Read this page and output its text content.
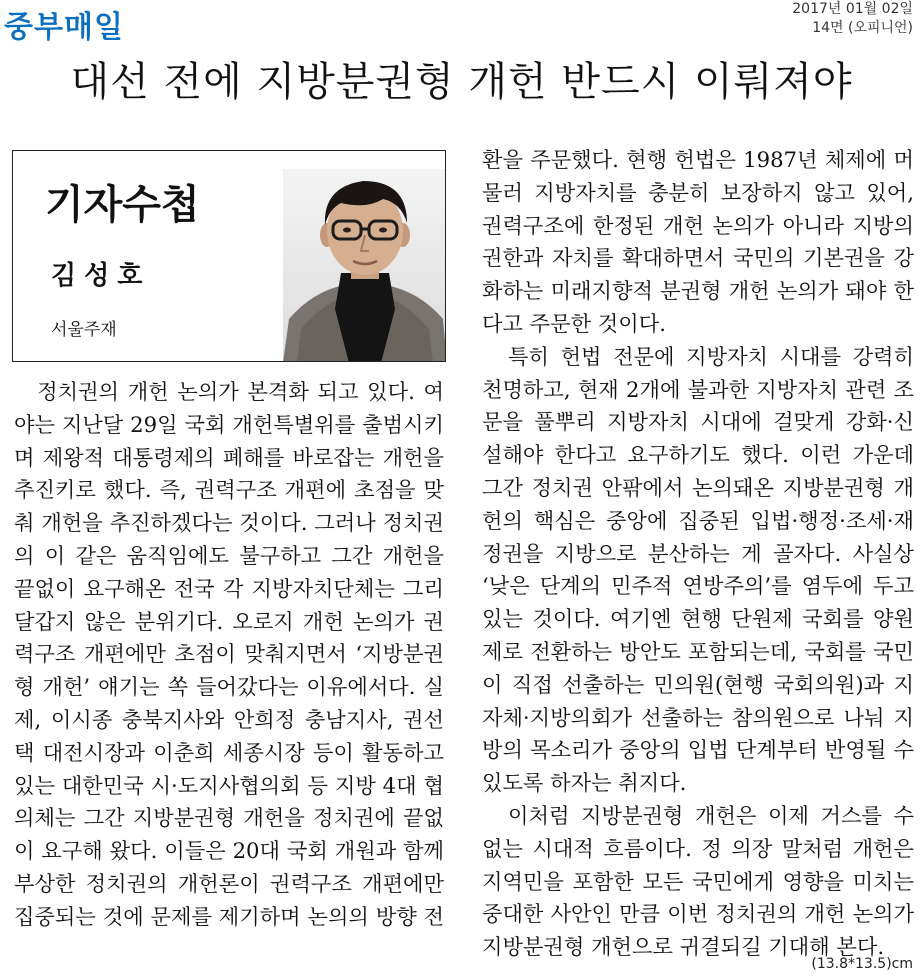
중부매일
2017년 01월 02일
14면 (오피니언)
대선 전에 지방분권형 개헌 반드시 이뤄져야
기자수첩
김성호
서울주재
　정치권의 개헌 논의가 본격화 되고 있다. 여
야는 지난달 29일 국회 개헌특별위를 출범시키
며 제왕적 대통령제의 폐해를 바로잡는 개헌을
추진키로 했다. 즉, 권력구조 개편에 초점을 맞
춰 개헌을 추진하겠다는 것이다. 그러나 정치권
의 이 같은 움직임에도 불구하고 그간 개헌을
끝없이 요구해온 전국 각 지방자치단체는 그리
달갑지 않은 분위기다. 오로지 개헌 논의가 권
력구조 개편에만 초점이 맞춰지면서 ‘지방분권
형 개헌’ 얘기는 쏙 들어갔다는 이유에서다. 실
제, 이시종 충북지사와 안희정 충남지사, 권선
택 대전시장과 이춘희 세종시장 등이 활동하고
있는 대한민국 시·도지사협의회 등 지방 4대 협
의체는 그간 지방분권형 개헌을 정치권에 끝없
이 요구해 왔다. 이들은 20대 국회 개원과 함께
부상한 정치권의 개헌론이 권력구조 개편에만
집중되는 것에 문제를 제기하며 논의의 방향 전
환을 주문했다. 현행 헌법은 1987년 체제에 머
물러 지방자치를 충분히 보장하지 않고 있어,
권력구조에 한정된 개헌 논의가 아니라 지방의
권한과 자치를 확대하면서 국민의 기본권을 강
화하는 미래지향적 분권형 개헌 논의가 돼야 한
다고 주문한 것이다.
　특히 헌법 전문에 지방자치 시대를 강력히
천명하고, 현재 2개에 불과한 지방자치 관련 조
문을 풀뿌리 지방자치 시대에 걸맞게 강화·신
설해야 한다고 요구하기도 했다. 이런 가운데
그간 정치권 안팎에서 논의돼온 지방분권형 개
헌의 핵심은 중앙에 집중된 입법·행정·조세·재
정권을 지방으로 분산하는 게 골자다. 사실상
‘낮은 단계의 민주적 연방주의’를 염두에 두고
있는 것이다. 여기엔 현행 단원제 국회를 양원
제로 전환하는 방안도 포함되는데, 국회를 국민
이 직접 선출하는 민의원(현행 국회의원)과 지
자체·지방의회가 선출하는 참의원으로 나눠 지
방의 목소리가 중앙의 입법 단계부터 반영될 수
있도록 하자는 취지다.
　이처럼 지방분권형 개헌은 이제 거스를 수
없는 시대적 흐름이다. 정 의장 말처럼 개헌은
지역민을 포함한 모든 국민에게 영향을 미치는
중대한 사안인 만큼 이번 정치권의 개헌 논의가
지방분권형 개헌으로 귀결되길 기대해 본다.
(13.8*13.5)cm
